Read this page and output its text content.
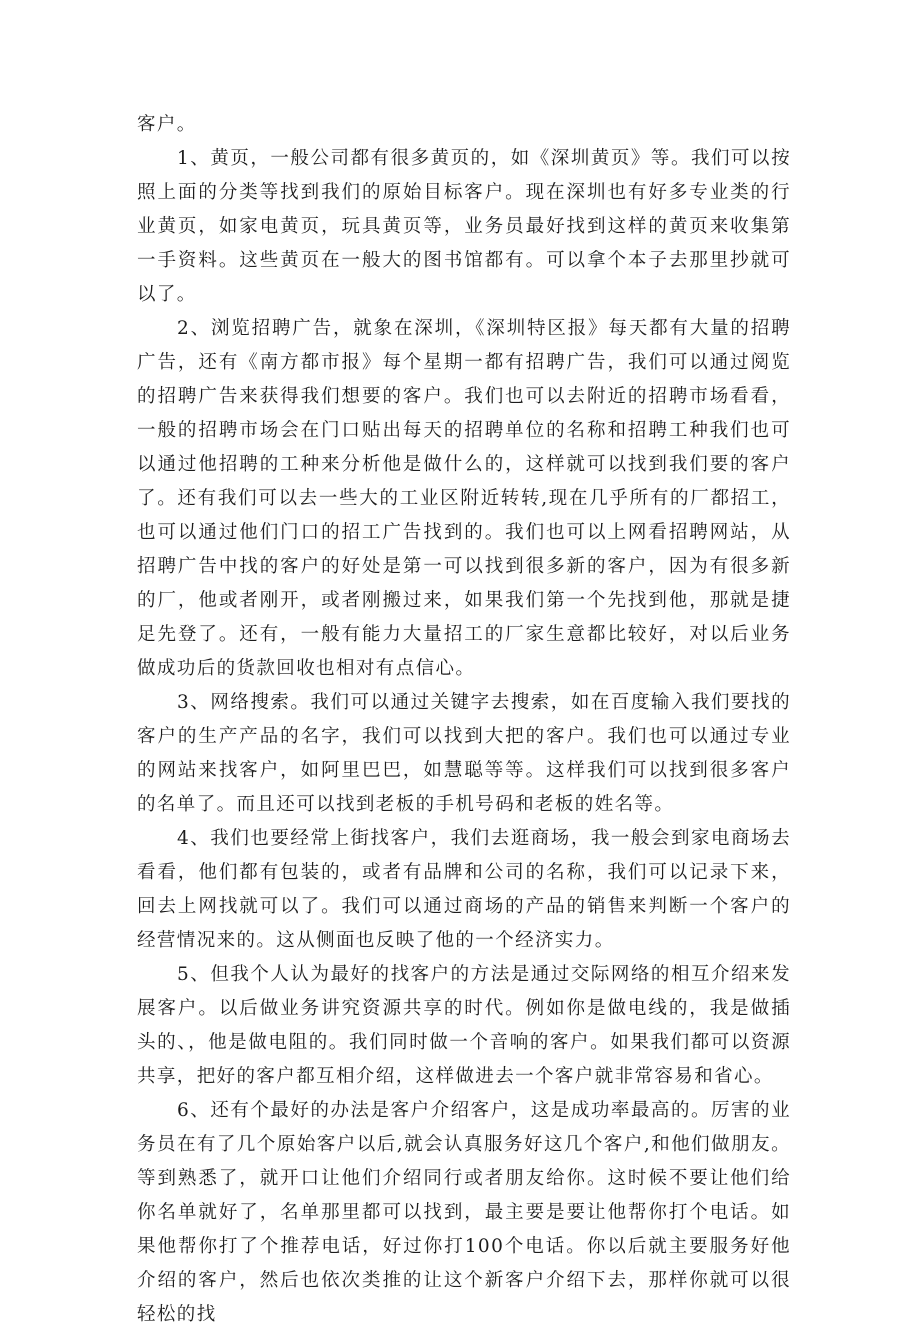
客户。

1、黄页，一般公司都有很多黄页的，如《深圳黄页》等。我们可以按照上面的分类等找到我们的原始目标客户。现在深圳也有好多专业类的行业黄页，如家电黄页，玩具黄页等，业务员最好找到这样的黄页来收集第一手资料。这些黄页在一般大的图书馆都有。可以拿个本子去那里抄就可以了。

2、浏览招聘广告，就象在深圳，《深圳特区报》每天都有大量的招聘广告，还有《南方都市报》每个星期一都有招聘广告，我们可以通过阅览的招聘广告来获得我们想要的客户。我们也可以去附近的招聘市场看看，一般的招聘市场会在门口贴出每天的招聘单位的名称和招聘工种我们也可以通过他招聘的工种来分析他是做什么的，这样就可以找到我们要的客户了。还有我们可以去一些大的工业区附近转转,现在几乎所有的厂都招工，也可以通过他们门口的招工广告找到的。我们也可以上网看招聘网站，从招聘广告中找的客户的好处是第一可以找到很多新的客户，因为有很多新的厂，他或者刚开，或者刚搬过来，如果我们第一个先找到他，那就是捷足先登了。还有，一般有能力大量招工的厂家生意都比较好，对以后业务做成功后的货款回收也相对有点信心。

3、网络搜索。我们可以通过关键字去搜索，如在百度输入我们要找的客户的生产产品的名字，我们可以找到大把的客户。我们也可以通过专业的网站来找客户，如阿里巴巴，如慧聪等等。这样我们可以找到很多客户的名单了。而且还可以找到老板的手机号码和老板的姓名等。

4、我们也要经常上街找客户，我们去逛商场，我一般会到家电商场去看看，他们都有包装的，或者有品牌和公司的名称，我们可以记录下来，回去上网找就可以了。我们可以通过商场的产品的销售来判断一个客户的经营情况来的。这从侧面也反映了他的一个经济实力。

5、但我个人认为最好的找客户的方法是通过交际网络的相互介绍来发展客户。以后做业务讲究资源共享的时代。例如你是做电线的，我是做插头的、，他是做电阻的。我们同时做一个音响的客户。如果我们都可以资源共享，把好的客户都互相介绍，这样做进去一个客户就非常容易和省心。

6、还有个最好的办法是客户介绍客户，这是成功率最高的。厉害的业务员在有了几个原始客户以后,就会认真服务好这几个客户,和他们做朋友。等到熟悉了，就开口让他们介绍同行或者朋友给你。这时候不要让他们给你名单就好了，名单那里都可以找到，最主要是要让他帮你打个电话。如果他帮你打了个推荐电话，好过你打100个电话。你以后就主要服务好他介绍的客户，然后也依次类推的让这个新客户介绍下去，那样你就可以很轻松的找
